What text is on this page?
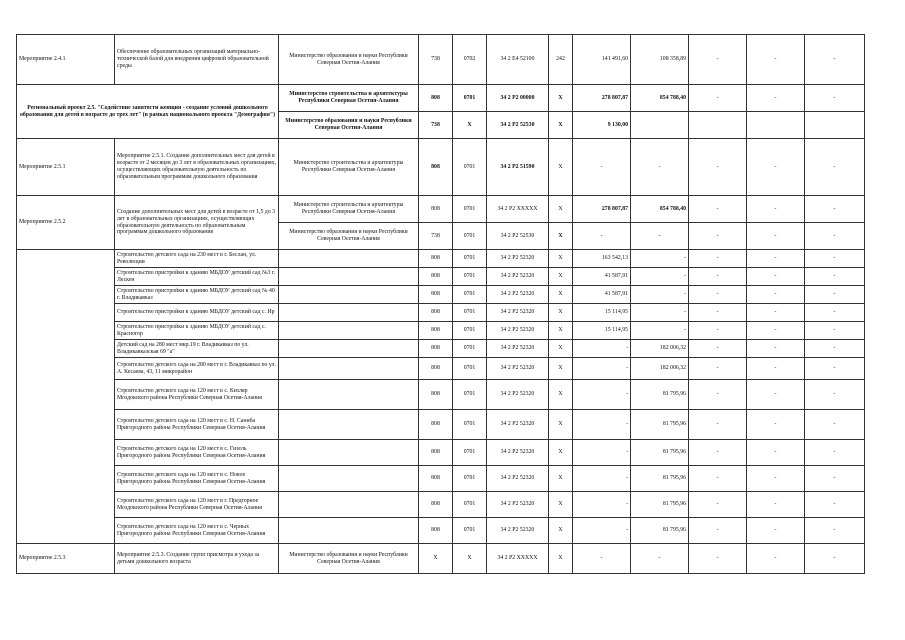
Мероприятие 2.4.1	Обеспечение образовательных организаций материально-технической базой для внедрения цифровой образовательной среды	Министерство образования и науки Республики Северная Осетия-Алания	738	0702	34 2 Е4 52100	242	141 491,60	108 358,89	-	-	-
Региональный проект 2.5. "Содействие занятости женщин - создание условий дошкольного образования для детей в возрасте до трех лет" (в рамках национального проекта "Демография")		Министерство строительства и архитектуры Республики Северная Осетия-Алания	808	0701	34 2 Р2 00000	Х	278 807,87	854 788,40	-	-	-
		Министерство образования и науки Республики Северная Осетия-Алания	738	Х	34 2 Р2 52530	Х	9 130,00				
Мероприятие 2.5.1	Мероприятие 2.5.1. Создание дополнительных мест для детей в возрасте от 2 месяцев до 3 лет в образовательных организациях, осуществляющих образовательную деятельность по образовательным программам дошкольного образования	Министерство строительства и архитектуры Республики Северная Осетия-Алания	808	0701	34 2 Р2 51590	Х	-	-	-	-	-
Мероприятие 2.5.2	Создание дополнительных мест для детей в возрасте от 1,5 до 3 лет в образовательных организациях, осуществляющих образовательную деятельность по образовательным программам дошкольного образования	Министерство строительства и архитектуры Республики Северная Осетия-Алания	808	0701	34 2 Р2 ХХХХХ	Х	278 807,87	854 788,40	-	-	-
		Министерство образования и науки Республики Северная Осетия-Алания	738	0701	34 2 Р2 52530	Х	-	-	-	-	-
	Строительство детского сада на 230 мест в г. Беслан, ул. Революции		808	0701	34 2 Р2 52320	Х	163 542,13	-	-	-	-
	Строительство пристройки к зданию МБДОУ детский сад №3 г. Лескен		808	0701	34 2 Р2 52320	Х	41 587,91	-	-	-	-
	Строительство пристройки к зданию МБДОУ детский сад № 40 г. Владикавказ		808	0701	34 2 Р2 52320	Х	41 587,91	-	-	-	-
	Строительство пристройки к зданию МБДОУ детский сад с. Ир		808	0701	34 2 Р2 52320	Х	15 114,95	-	-	-	-
	Строительство пристройки к зданию МБДОУ детский сад с. Красногор		808	0701	34 2 Р2 52320	Х	15 114,95	-	-	-	-
	Детский сад на 280 мест мкр.19 г. Владикавказ по ул. Владикавказская 69 "а"		808	0701	34 2 Р2 52320	Х	-	182 006,32	-	-	-
	Строительство детского сада на 280 мест в г. Владикавказ по ул. А. Кесаева, 43, 11 микрорайон		808	0701	34 2 Р2 52320	Х	-	182 006,32	-	-	-
	Строительство детского сада на 120 мест в с. Кизляр Моздокского района Республики Северная Осетия-Алания		808	0701	34 2 Р2 52320	Х	-	81 795,96	-	-	-
	Строительство детского сада на 120 мест в с. Н. Саниба Пригородного района Республики Северная Осетия-Алания		808	0701	34 2 Р2 52320	Х	-	81 795,96	-	-	-
	Строительство детского сада на 120 мест в с. Гизель Пригородного района Республики Северная Осетия-Алания		808	0701	34 2 Р2 52320	Х	-	81 795,96	-	-	-
	Строительство детского сада на 120 мест в с. Новое Пригородного района Республики Северная Осетия-Алания		808	0701	34 2 Р2 52320	Х	-	81 795,96	-	-	-
	Строительство детского сада на 120 мест в г. Предгорное Моздокского района Республики Северная Осетия-Алания		808	0701	34 2 Р2 52320	Х	-	81 795,96	-	-	-
	Строительство детского сада на 120 мест в с. Черных Пригородного района Республики Северная Осетия-Алания		808	0701	34 2 Р2 52320	Х	-	81 795,96	-	-	-
Мероприятие 2.5.3	Мероприятие 2.5.3. Создание групп присмотра и ухода за детьми дошкольного возраста	Министерство образования и науки Республики Северная Осетия-Алания	Х	Х	34 2 Р2 ХХХХХ	Х	-	-	-	-	-
